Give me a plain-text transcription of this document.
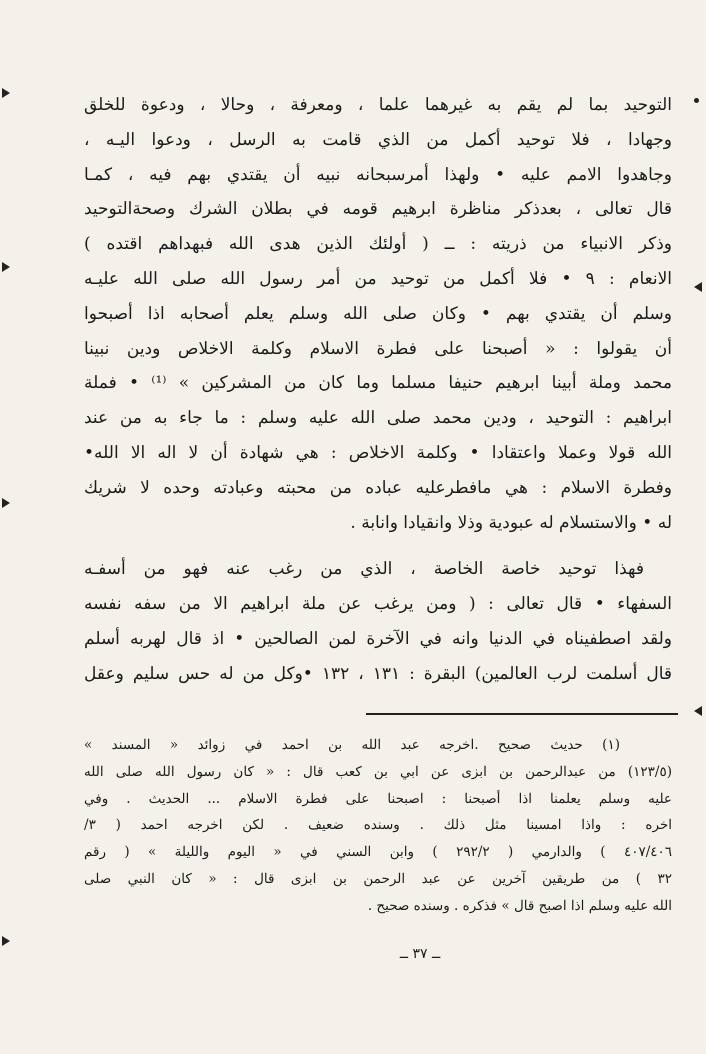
التوحيد بما لم يقم به غيرهما علما ، ومعرفة ، وحالا ، ودعوة للخلق
وجهادا ، فلا توحيد أكمل من الذي قامت به الرسل ، ودعوا اليـه ،
وجاهدوا الامم عليه • ولهذا أمرسبحانه نبيه أن يقتدي بهم فيه ، كمـا
قال تعالى ، بعدذكر مناظرة ابرهيم قومه في بطلان الشرك وصحةالتوحيد
وذكر الانبياء من ذريته : ــ ( أولئك الذين هدى الله فبهداهم اقتده )
الانعام : ٩ • فلا أكمل من توحيد من أمر رسول الله صلى الله عليـه
وسلم أن يقتدي بهم • وكان صلى الله وسلم يعلم أصحابه اذا أصبحوا
أن يقولوا : « أصبحنا على فطرة الاسلام وكلمة الاخلاص ودين نبينا
محمد وملة أبينا ابرهيم حنيفا مسلما وما كان من المشركين » ⁽¹⁾ • فملة
ابراهيم : التوحيد ، ودين محمد صلى الله عليه وسلم : ما جاء به من عند
الله قولا وعملا واعتقادا • وكلمة الاخلاص : هي شهادة أن لا اله الا الله•
وفطرة الاسلام : هي مافطرعليه عباده من محبته وعبادته وحده لا شريك
له • والاستسلام له عبودية وذلا وانقيادا وانابة .
فهذا توحيد خاصة الخاصة ، الذي من رغب عنه فهو من أسفـه
السفهاء • قال تعالى : ( ومن يرغب عن ملة ابراهيم الا من سفه نفسه
ولقد اصطفيناه في الدنيا وانه في الآخرة لمن الصالحين • اذ قال لهربه أسلم
قال أسلمت لرب العالمين) البقرة : ١٣١ ، ١٣٢ •وكل من له حس سليم وعقل
(١) حديث صحيح .اخرجه عبد الله بن احمد في زوائد « المسند »
(١٢٣/٥) من عبدالرحمن بن ابزى عن ابي بن كعب قال : « كان رسول الله صلى الله
عليه وسلم يعلمنا اذا أصبحنا : اصبحنا على فطرة الاسلام ... الحديث . وفي
اخره : واذا امسينا مثل ذلك . وسنده ضعيف . لكن اخرجه احمد ( ٣/
٤٠٧/٤٠٦ ) والدارمي ( ٢٩٢/٢ ) وابن السني في « اليوم والليلة » ( رقم
٣٢ ) من طريقين آخرين عن عبد الرحمن بن ابزى قال : « كان النبي صلى
الله عليه وسلم اذا اصبح قال » فذكره . وسنده صحيح .
ــ ٣٧ ــ
